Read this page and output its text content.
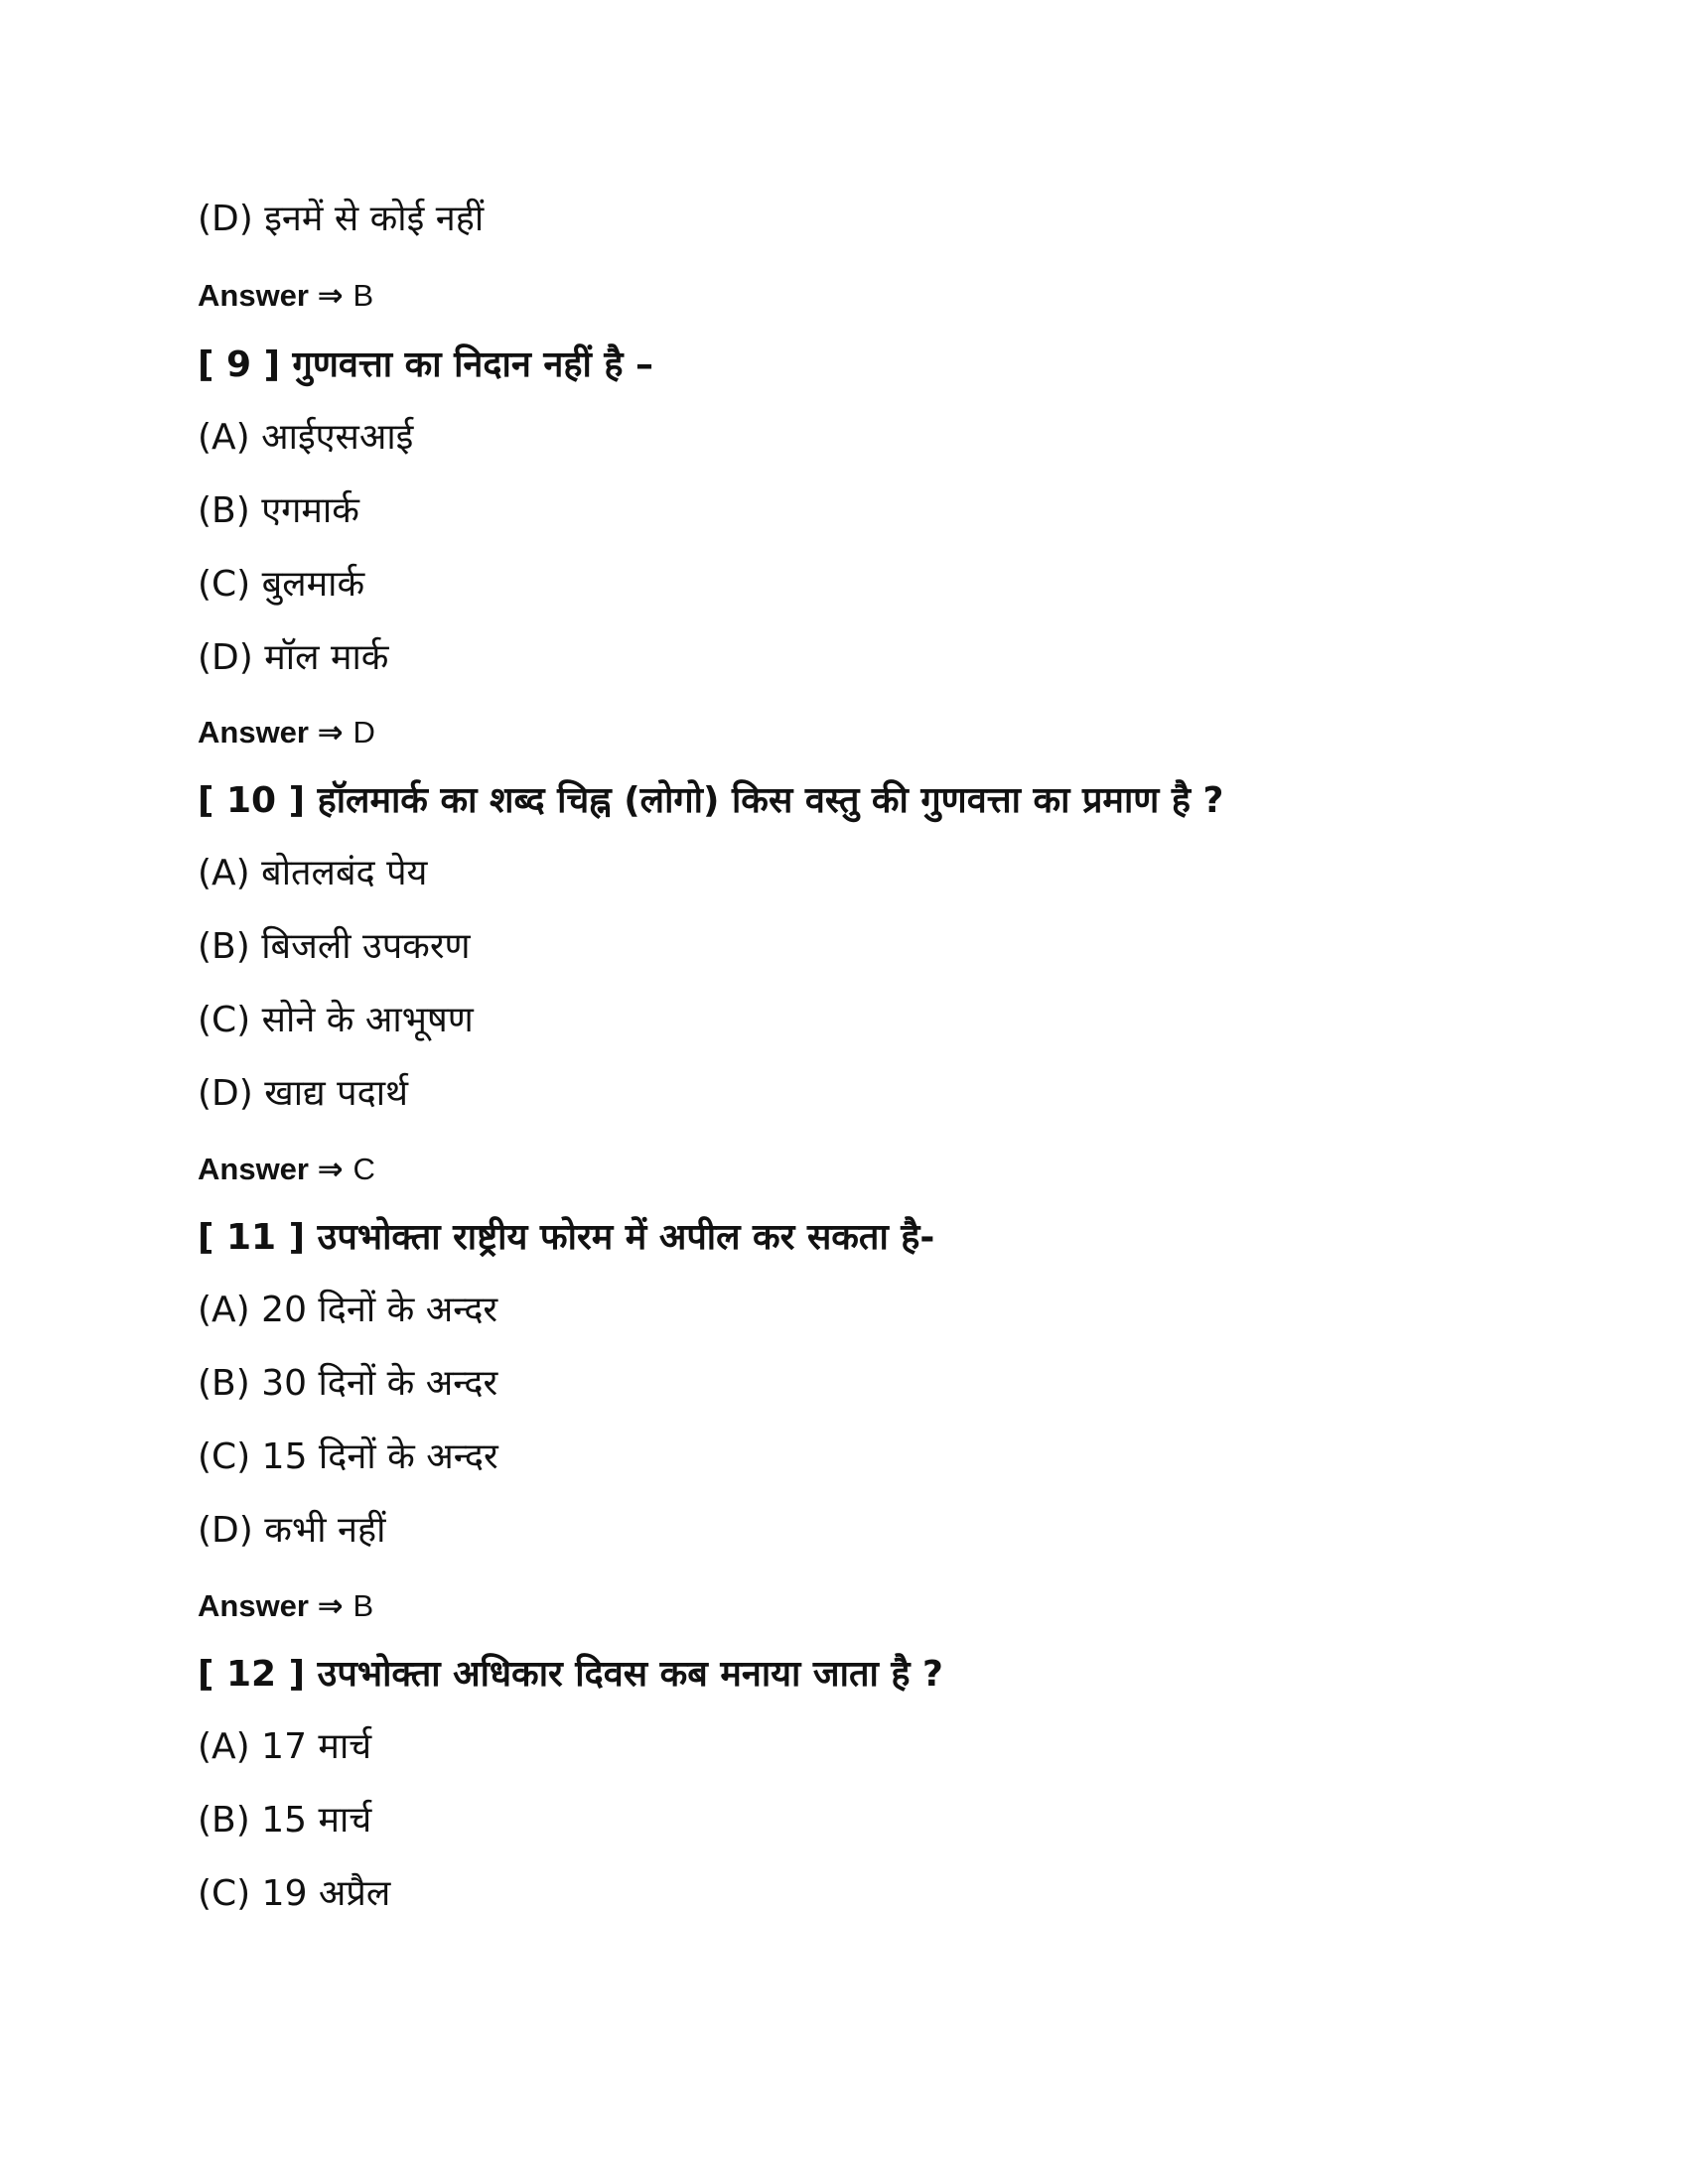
(D) इनमें से कोई नहीं
Answer ⇒ B
[ 9 ] गुणवत्ता का निदान नहीं है –
(A) आईएसआई
(B) एगमार्क
(C) बुलमार्क
(D) मॉल मार्क
Answer ⇒ D
[ 10 ] हॉलमार्क का शब्द चिह्न (लोगो) किस वस्तु की गुणवत्ता का प्रमाण है ?
(A) बोतलबंद पेय
(B) बिजली उपकरण
(C) सोने के आभूषण
(D) खाद्य पदार्थ
Answer ⇒ C
[ 11 ] उपभोक्ता राष्ट्रीय फोरम में अपील कर सकता है-
(A) 20 दिनों के अन्दर
(B) 30 दिनों के अन्दर
(C) 15 दिनों के अन्दर
(D) कभी नहीं
Answer ⇒ B
[ 12 ] उपभोक्ता अधिकार दिवस कब मनाया जाता है ?
(A) 17 मार्च
(B) 15 मार्च
(C) 19 अप्रैल
